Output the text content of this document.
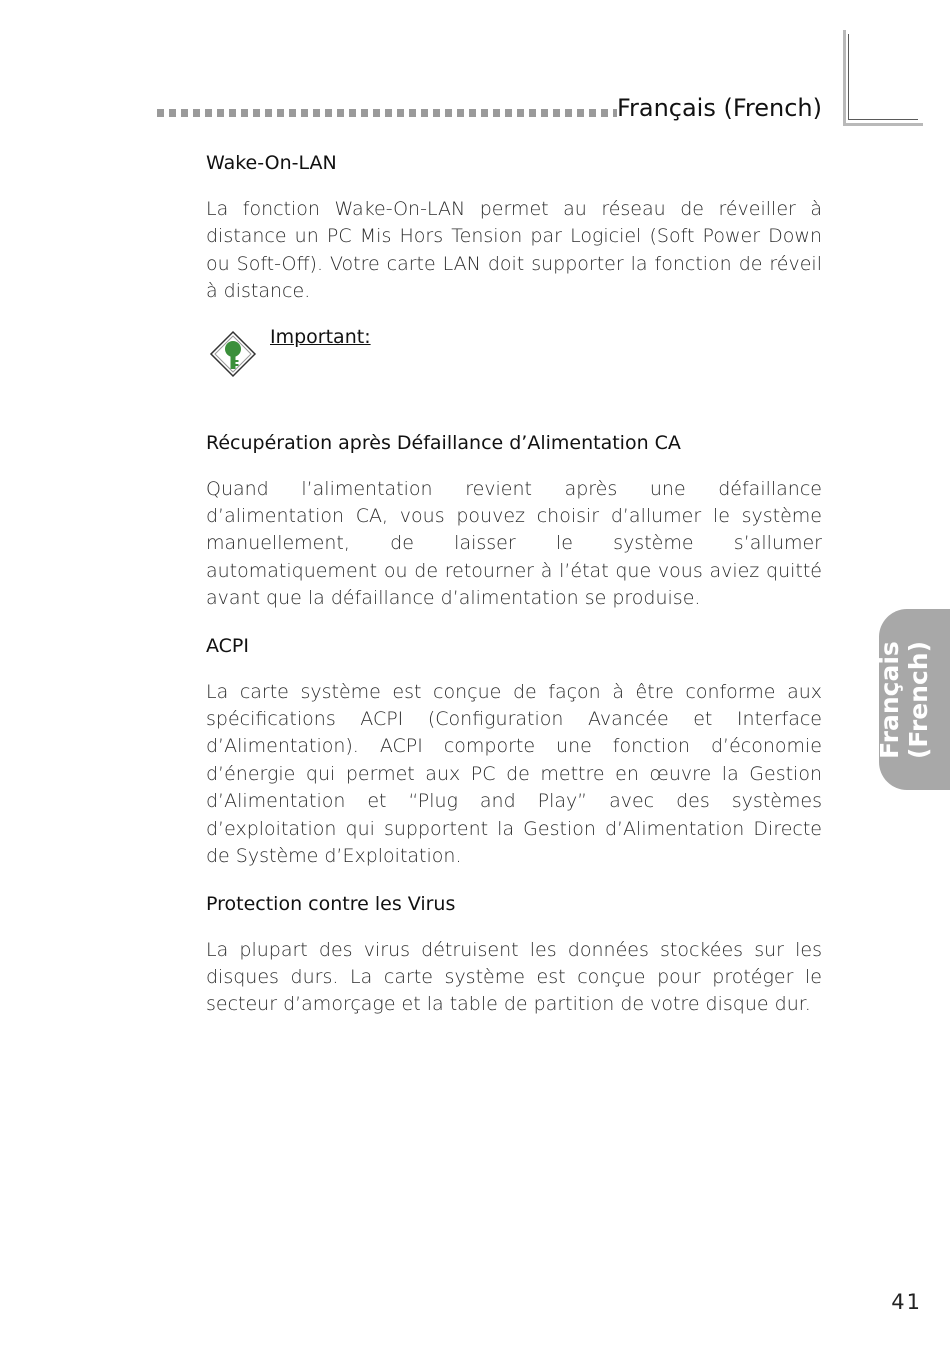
Français (French)
Wake-On-LAN

La fonction Wake-On-LAN permet au réseau de réveiller à distance un PC Mis Hors Tension par Logiciel (Soft Power Down ou Soft-Off). Votre carte LAN doit supporter la fonction de réveil à distance.

Important:
Récupération après Défaillance d’Alimentation CA

Quand l’alimentation revient après une défaillance d’alimentation CA, vous pouvez choisir d’allumer le système manuellement, de laisser le système s’allumer automatiquement ou de retourner à l’état que vous aviez quitté avant que la défaillance d’alimentation se produise.

ACPI

La carte système est conçue de façon à être conforme aux spécifications ACPI (Configuration Avancée et Interface d’Alimentation). ACPI comporte une fonction d’économie d’énergie qui permet aux PC de mettre en œuvre la Gestion d’Alimentation et “Plug and Play” avec des systèmes d’exploitation qui supportent la Gestion d’Alimentation Directe de Système d’Exploitation.

Protection contre les Virus

La plupart des virus détruisent les données stockées sur les disques durs. La carte système est conçue pour protéger le secteur d’amorçage et la table de partition de votre disque dur.

Français (French)
41
